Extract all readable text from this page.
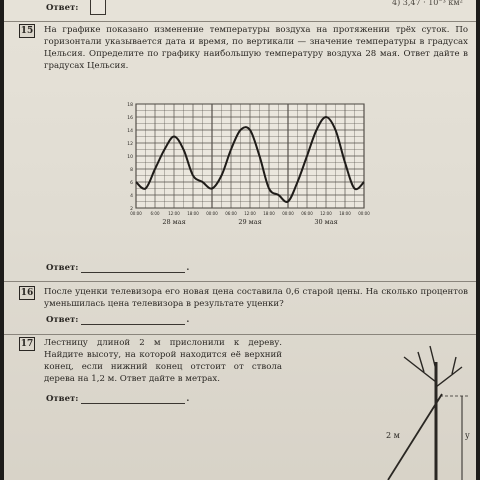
Ответ:
4) 3,47 · 10⁻³ км²
15 На графике показано изменение температуры воздуха на протяжении трёх суток. По горизонтали указывается дата и время, по вертикали — значение температуры в градусах Цельсия. Определите по графику наибольшую температуру воздуха 28 мая. Ответ дайте в градусах Цельсия.
2
4
6
8
10
12
14
16
18
00:00 6:00 12:00 18:00 00:00 06:00 12:00 18:00 00:00 06:00 12:00 18:00 00:00
28 мая	29 мая	30 мая
Ответ:	.
16 После уценки телевизора его новая цена составила 0,6 старой цены. На сколько процентов уменьшилась цена телевизора в результате уценки?
Ответ:	.
17 Лестницу длиной 2 м прислонили к дереву. Найдите высоту, на которой находится её верхний конец, если нижний конец отстоит от ствола дерева на 1,2 м. Ответ дайте в метрах.
Ответ:	.
2 м	у
